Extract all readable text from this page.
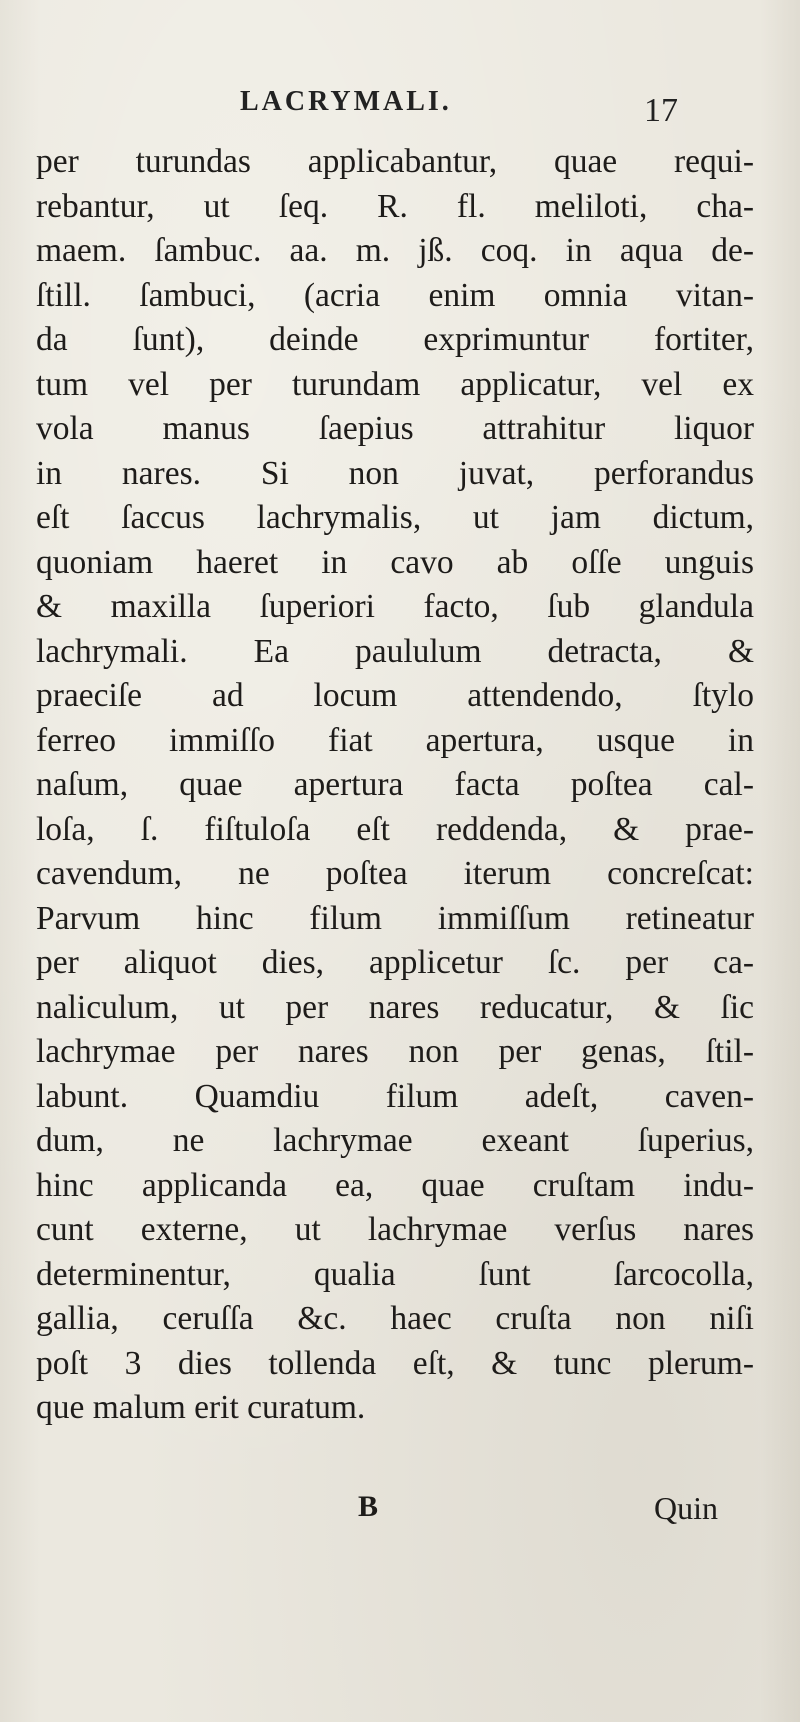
LACRYMALI.	17
per turundas applicabantur, quae requi-
rebantur, ut ſeq. R. fl. meliloti, cha-
maem. ſambuc. aa. m. jß. coq. in aqua de-
ſtill. ſambuci, (acria enim omnia vitan-
da ſunt), deinde exprimuntur fortiter,
tum vel per turundam applicatur, vel ex
vola manus ſaepius attrahitur liquor
in nares. Si non juvat, perforandus
eſt ſaccus lachrymalis, ut jam dictum,
quoniam haeret in cavo ab oſſe unguis
& maxilla ſuperiori facto, ſub glandula
lachrymali. Ea paululum detracta, &
praeciſe ad locum attendendo, ſtylo
ferreo immiſſo fiat apertura, usque in
naſum, quae apertura facta poſtea cal-
loſa, ſ. fiſtuloſa eſt reddenda, & prae-
cavendum, ne poſtea iterum concreſcat:
Parvum hinc filum immiſſum retineatur
per aliquot dies, applicetur ſc. per ca-
naliculum, ut per nares reducatur, & ſic
lachrymae per nares non per genas, ſtil-
labunt. Quamdiu filum adeſt, caven-
dum, ne lachrymae exeant ſuperius,
hinc applicanda ea, quae cruſtam indu-
cunt externe, ut lachrymae verſus nares
determinentur, qualia ſunt ſarcocolla,
gallia, ceruſſa &c. haec cruſta non niſi
poſt 3 dies tollenda eſt, & tunc plerum-
que malum erit curatum.
B	Quin
